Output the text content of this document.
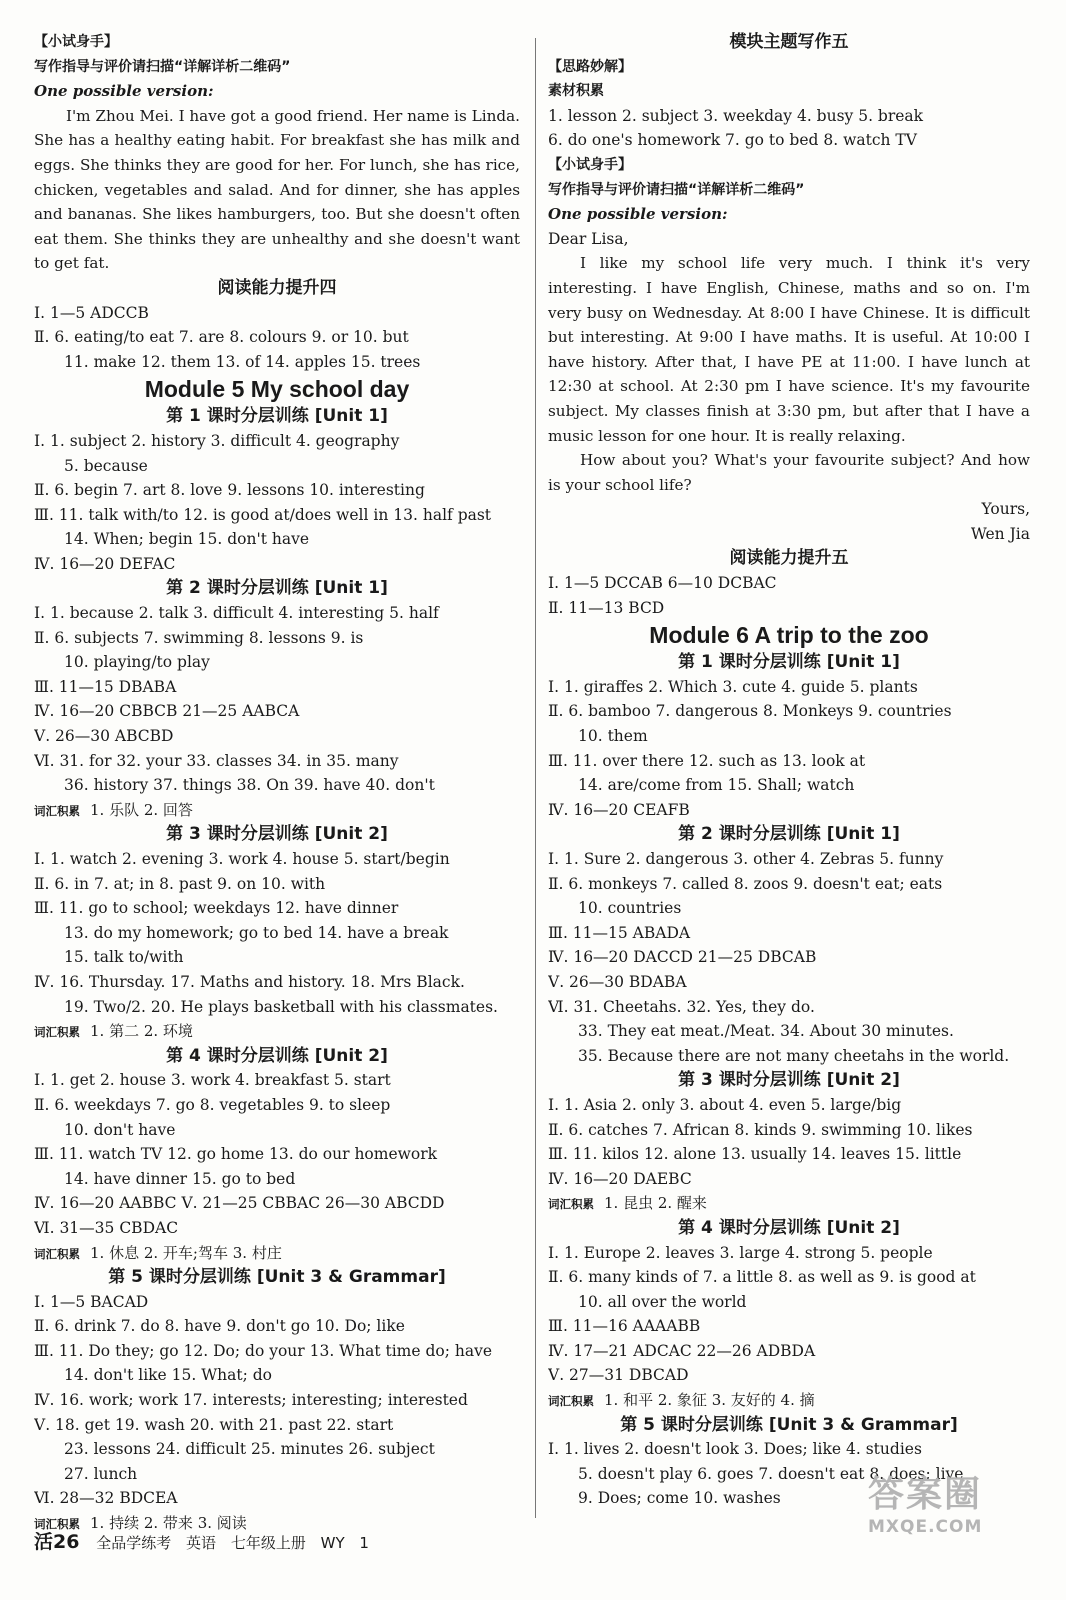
【小试身手】
写作指导与评价请扫描“详解详析二维码”
One possible version:

I'm Zhou Mei. I have got a good friend. Her name is Linda. She has a healthy eating habit. For breakfast she has milk and eggs. She thinks they are good for her. For lunch, she has rice, chicken, vegetables and salad. And for dinner, she has apples and bananas. She likes hamburgers, too. But she doesn't often eat them. She thinks they are unhealthy and she doesn't want to get fat.

阅读能力提升四
Ⅰ. 1—5 ADCCB
Ⅱ. 6. eating/to eat 7. are 8. colours 9. or 10. but
11. make 12. them 13. of 14. apples 15. trees
Module 5 My school day
第 1 课时分层训练 [Unit 1]
Ⅰ. 1. subject 2. history 3. difficult 4. geography
5. because
Ⅱ. 6. begin 7. art 8. love 9. lessons 10. interesting
Ⅲ. 11. talk with/to 12. is good at/does well in 13. half past
14. When; begin 15. don't have
Ⅳ. 16—20 DEFAC
第 2 课时分层训练 [Unit 1]
Ⅰ. 1. because 2. talk 3. difficult 4. interesting 5. half
Ⅱ. 6. subjects 7. swimming 8. lessons 9. is
10. playing/to play
Ⅲ. 11—15 DBABA
Ⅳ. 16—20 CBBCB 21—25 AABCA
Ⅴ. 26—30 ABCBD
Ⅵ. 31. for 32. your 33. classes 34. in 35. many
36. history 37. things 38. On 39. have 40. don't
词汇积累 1. 乐队 2. 回答
第 3 课时分层训练 [Unit 2]
Ⅰ. 1. watch 2. evening 3. work 4. house 5. start/begin
Ⅱ. 6. in 7. at; in 8. past 9. on 10. with
Ⅲ. 11. go to school; weekdays 12. have dinner
13. do my homework; go to bed 14. have a break
15. talk to/with
Ⅳ. 16. Thursday. 17. Maths and history. 18. Mrs Black.
19. Two/2. 20. He plays basketball with his classmates.
词汇积累 1. 第二 2. 环境
第 4 课时分层训练 [Unit 2]
Ⅰ. 1. get 2. house 3. work 4. breakfast 5. start
Ⅱ. 6. weekdays 7. go 8. vegetables 9. to sleep
10. don't have
Ⅲ. 11. watch TV 12. go home 13. do our homework
14. have dinner 15. go to bed
Ⅳ. 16—20 AABBC Ⅴ. 21—25 CBBAC 26—30 ABCDD
Ⅵ. 31—35 CBDAC
词汇积累 1. 休息 2. 开车;驾车 3. 村庄
第 5 课时分层训练 [Unit 3 & Grammar]
Ⅰ. 1—5 BACAD
Ⅱ. 6. drink 7. do 8. have 9. don't go 10. Do; like
Ⅲ. 11. Do they; go 12. Do; do your 13. What time do; have
14. don't like 15. What; do
Ⅳ. 16. work; work 17. interests; interesting; interested
Ⅴ. 18. get 19. wash 20. with 21. past 22. start
23. lessons 24. difficult 25. minutes 26. subject
27. lunch
Ⅵ. 28—32 BDCEA
词汇积累 1. 持续 2. 带来 3. 阅读
模块主题写作五
【思路妙解】
素材积累
1. lesson 2. subject 3. weekday 4. busy 5. break
6. do one's homework 7. go to bed 8. watch TV
【小试身手】
写作指导与评价请扫描“详解详析二维码”
One possible version:
Dear Lisa,

I like my school life very much. I think it's very interesting. I have English, Chinese, maths and so on. I'm very busy on Wednesday. At 8:00 I have Chinese. It is difficult but interesting. At 9:00 I have maths. It is useful. At 10:00 I have history. After that, I have PE at 11:00. I have lunch at 12:30 at school. At 2:30 pm I have science. It's my favourite subject. My classes finish at 3:30 pm, but after that I have a music lesson for one hour. It is really relaxing.

How about you? What's your favourite subject? And how is your school life?

Yours,
Wen Jia
阅读能力提升五
Ⅰ. 1—5 DCCAB 6—10 DCBAC
Ⅱ. 11—13 BCD
Module 6 A trip to the zoo
第 1 课时分层训练 [Unit 1]
Ⅰ. 1. giraffes 2. Which 3. cute 4. guide 5. plants
Ⅱ. 6. bamboo 7. dangerous 8. Monkeys 9. countries
10. them
Ⅲ. 11. over there 12. such as 13. look at
14. are/come from 15. Shall; watch
Ⅳ. 16—20 CEAFB
第 2 课时分层训练 [Unit 1]
Ⅰ. 1. Sure 2. dangerous 3. other 4. Zebras 5. funny
Ⅱ. 6. monkeys 7. called 8. zoos 9. doesn't eat; eats
10. countries
Ⅲ. 11—15 ABADA
Ⅳ. 16—20 DACCD 21—25 DBCAB
Ⅴ. 26—30 BDABA
Ⅵ. 31. Cheetahs. 32. Yes, they do.
33. They eat meat./Meat. 34. About 30 minutes.
35. Because there are not many cheetahs in the world.
第 3 课时分层训练 [Unit 2]
Ⅰ. 1. Asia 2. only 3. about 4. even 5. large/big
Ⅱ. 6. catches 7. African 8. kinds 9. swimming 10. likes
Ⅲ. 11. kilos 12. alone 13. usually 14. leaves 15. little
Ⅳ. 16—20 DAEBC
词汇积累 1. 昆虫 2. 醒来
第 4 课时分层训练 [Unit 2]
Ⅰ. 1. Europe 2. leaves 3. large 4. strong 5. people
Ⅱ. 6. many kinds of 7. a little 8. as well as 9. is good at
10. all over the world
Ⅲ. 11—16 AAAABB
Ⅳ. 17—21 ADCAC 22—26 ADBDA
Ⅴ. 27—31 DBCAD
词汇积累 1. 和平 2. 象征 3. 友好的 4. 摘
第 5 课时分层训练 [Unit 3 & Grammar]
Ⅰ. 1. lives 2. doesn't look 3. Does; like 4. studies
5. doesn't play 6. goes 7. doesn't eat 8. does; live
9. Does; come 10. washes
活26 全品学练考 英语 七年级上册 WY 1
答案圈
MXQE.COM
